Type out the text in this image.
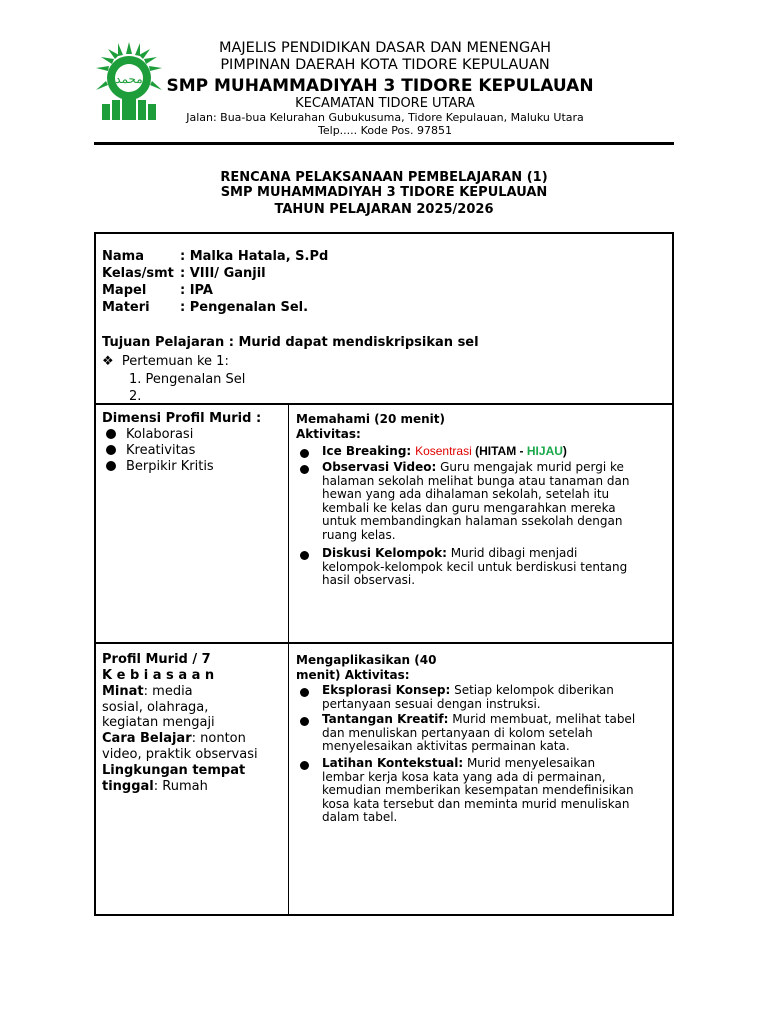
محمد
MAJELIS PENDIDIKAN DASAR DAN MENENGAH
PIMPINAN DAERAH KOTA TIDORE KEPULAUAN
SMP MUHAMMADIYAH 3 TIDORE KEPULAUAN
KECAMATAN TIDORE UTARA
Jalan: Bua-bua Kelurahan Gubukusuma, Tidore Kepulauan, Maluku Utara
Telp..... Kode Pos. 97851
RENCANA PELAKSANAAN PEMBELAJARAN (1)
SMP MUHAMMADIYAH 3 TIDORE KEPULAUAN
TAHUN PELAJARAN 2025/2026
Nama	: Malka Hatala, S.Pd
Kelas/smt : VIII/ Ganjil
Mapel	: IPA
Materi : Pengenalan Sel.
Tujuan Pelajaran : Murid dapat mendiskripsikan sel
❖ Pertemuan ke 1:
1. Pengenalan Sel
2.
Dimensi Profil Murid :
Kolaborasi
Kreativitas
Berpikir Kritis
Memahami (20 menit)
Aktivitas:
Ice Breaking: Kosentrasi (HITAM - HIJAU)
Observasi Video: Guru mengajak murid pergi ke
halaman sekolah melihat bunga atau tanaman dan
hewan yang ada dihalaman sekolah, setelah itu
kembali ke kelas dan guru mengarahkan mereka
untuk membandingkan halaman ssekolah dengan
ruang kelas.
Diskusi Kelompok: Murid dibagi menjadi
kelompok-kelompok kecil untuk berdiskusi tentang
hasil observasi.
Profil Murid / 7
K e b i a s a a n
Minat: media
sosial, olahraga,
kegiatan mengaji
Cara Belajar: nonton
video, praktik observasi
Lingkungan tempat
tinggal: Rumah
Mengaplikasikan (40
menit) Aktivitas:
Eksplorasi Konsep: Setiap kelompok diberikan
pertanyaan sesuai dengan instruksi.
Tantangan Kreatif: Murid membuat, melihat tabel
dan menuliskan pertanyaan di kolom setelah
menyelesaikan aktivitas permainan kata.
Latihan Kontekstual: Murid menyelesaikan
lembar kerja kosa kata yang ada di permainan,
kemudian memberikan kesempatan mendefinisikan
kosa kata tersebut dan meminta murid menuliskan
dalam tabel.
